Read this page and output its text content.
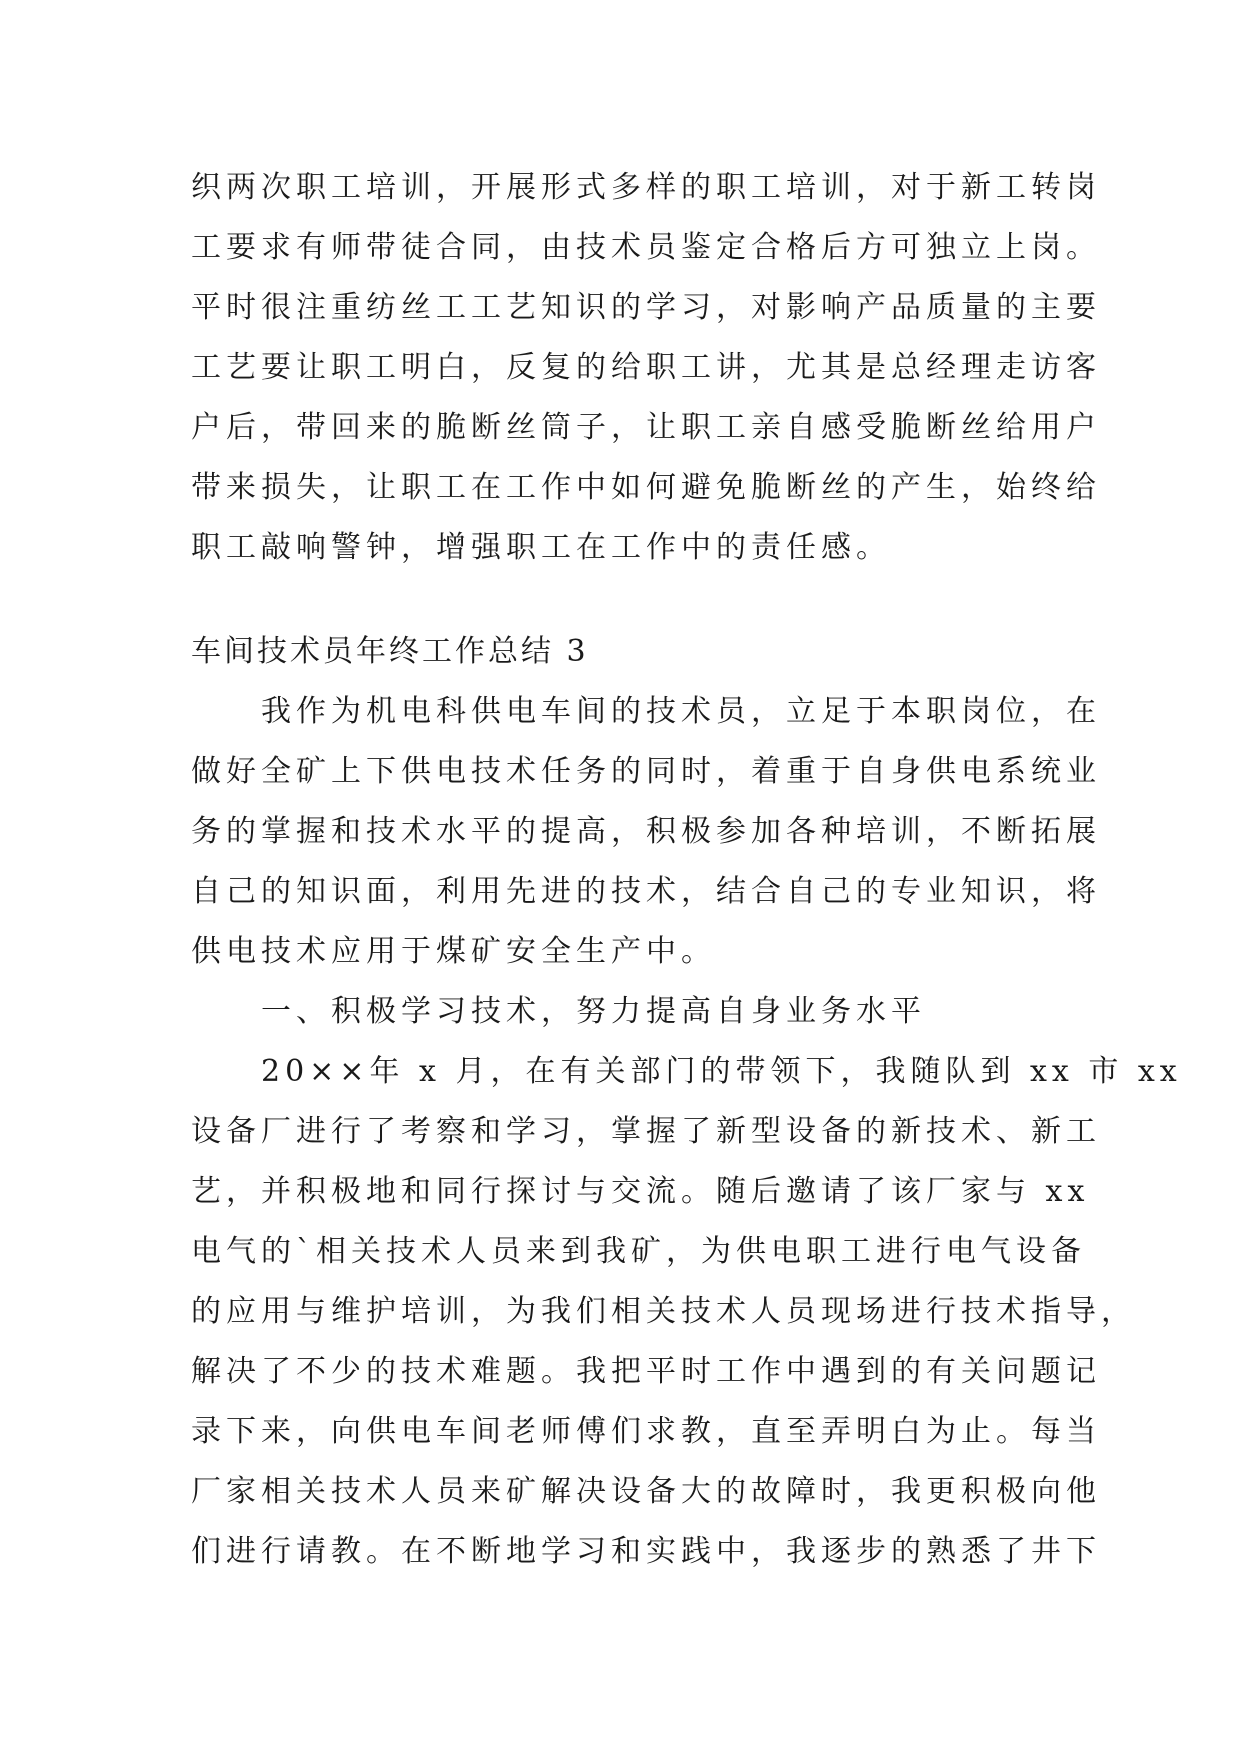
织两次职工培训，开展形式多样的职工培训，对于新工转岗
工要求有师带徒合同，由技术员鉴定合格后方可独立上岗。
平时很注重纺丝工工艺知识的学习，对影响产品质量的主要
工艺要让职工明白，反复的给职工讲，尤其是总经理走访客
户后，带回来的脆断丝筒子，让职工亲自感受脆断丝给用户
带来损失，让职工在工作中如何避免脆断丝的产生，始终给
职工敲响警钟，增强职工在工作中的责任感。
车间技术员年终工作总结 3
　　我作为机电科供电车间的技术员，立足于本职岗位，在
做好全矿上下供电技术任务的同时，着重于自身供电系统业
务的掌握和技术水平的提高，积极参加各种培训，不断拓展
自己的知识面，利用先进的技术，结合自己的专业知识，将
供电技术应用于煤矿安全生产中。
　　一、积极学习技术，努力提高自身业务水平
　　20××年 x 月，在有关部门的带领下，我随队到 xx 市 xx
设备厂进行了考察和学习，掌握了新型设备的新技术、新工
艺，并积极地和同行探讨与交流。随后邀请了该厂家与 xx
电气的`相关技术人员来到我矿，为供电职工进行电气设备
的应用与维护培训，为我们相关技术人员现场进行技术指导，
解决了不少的技术难题。我把平时工作中遇到的有关问题记
录下来，向供电车间老师傅们求教，直至弄明白为止。每当
厂家相关技术人员来矿解决设备大的故障时，我更积极向他
们进行请教。在不断地学习和实践中，我逐步的熟悉了井下
